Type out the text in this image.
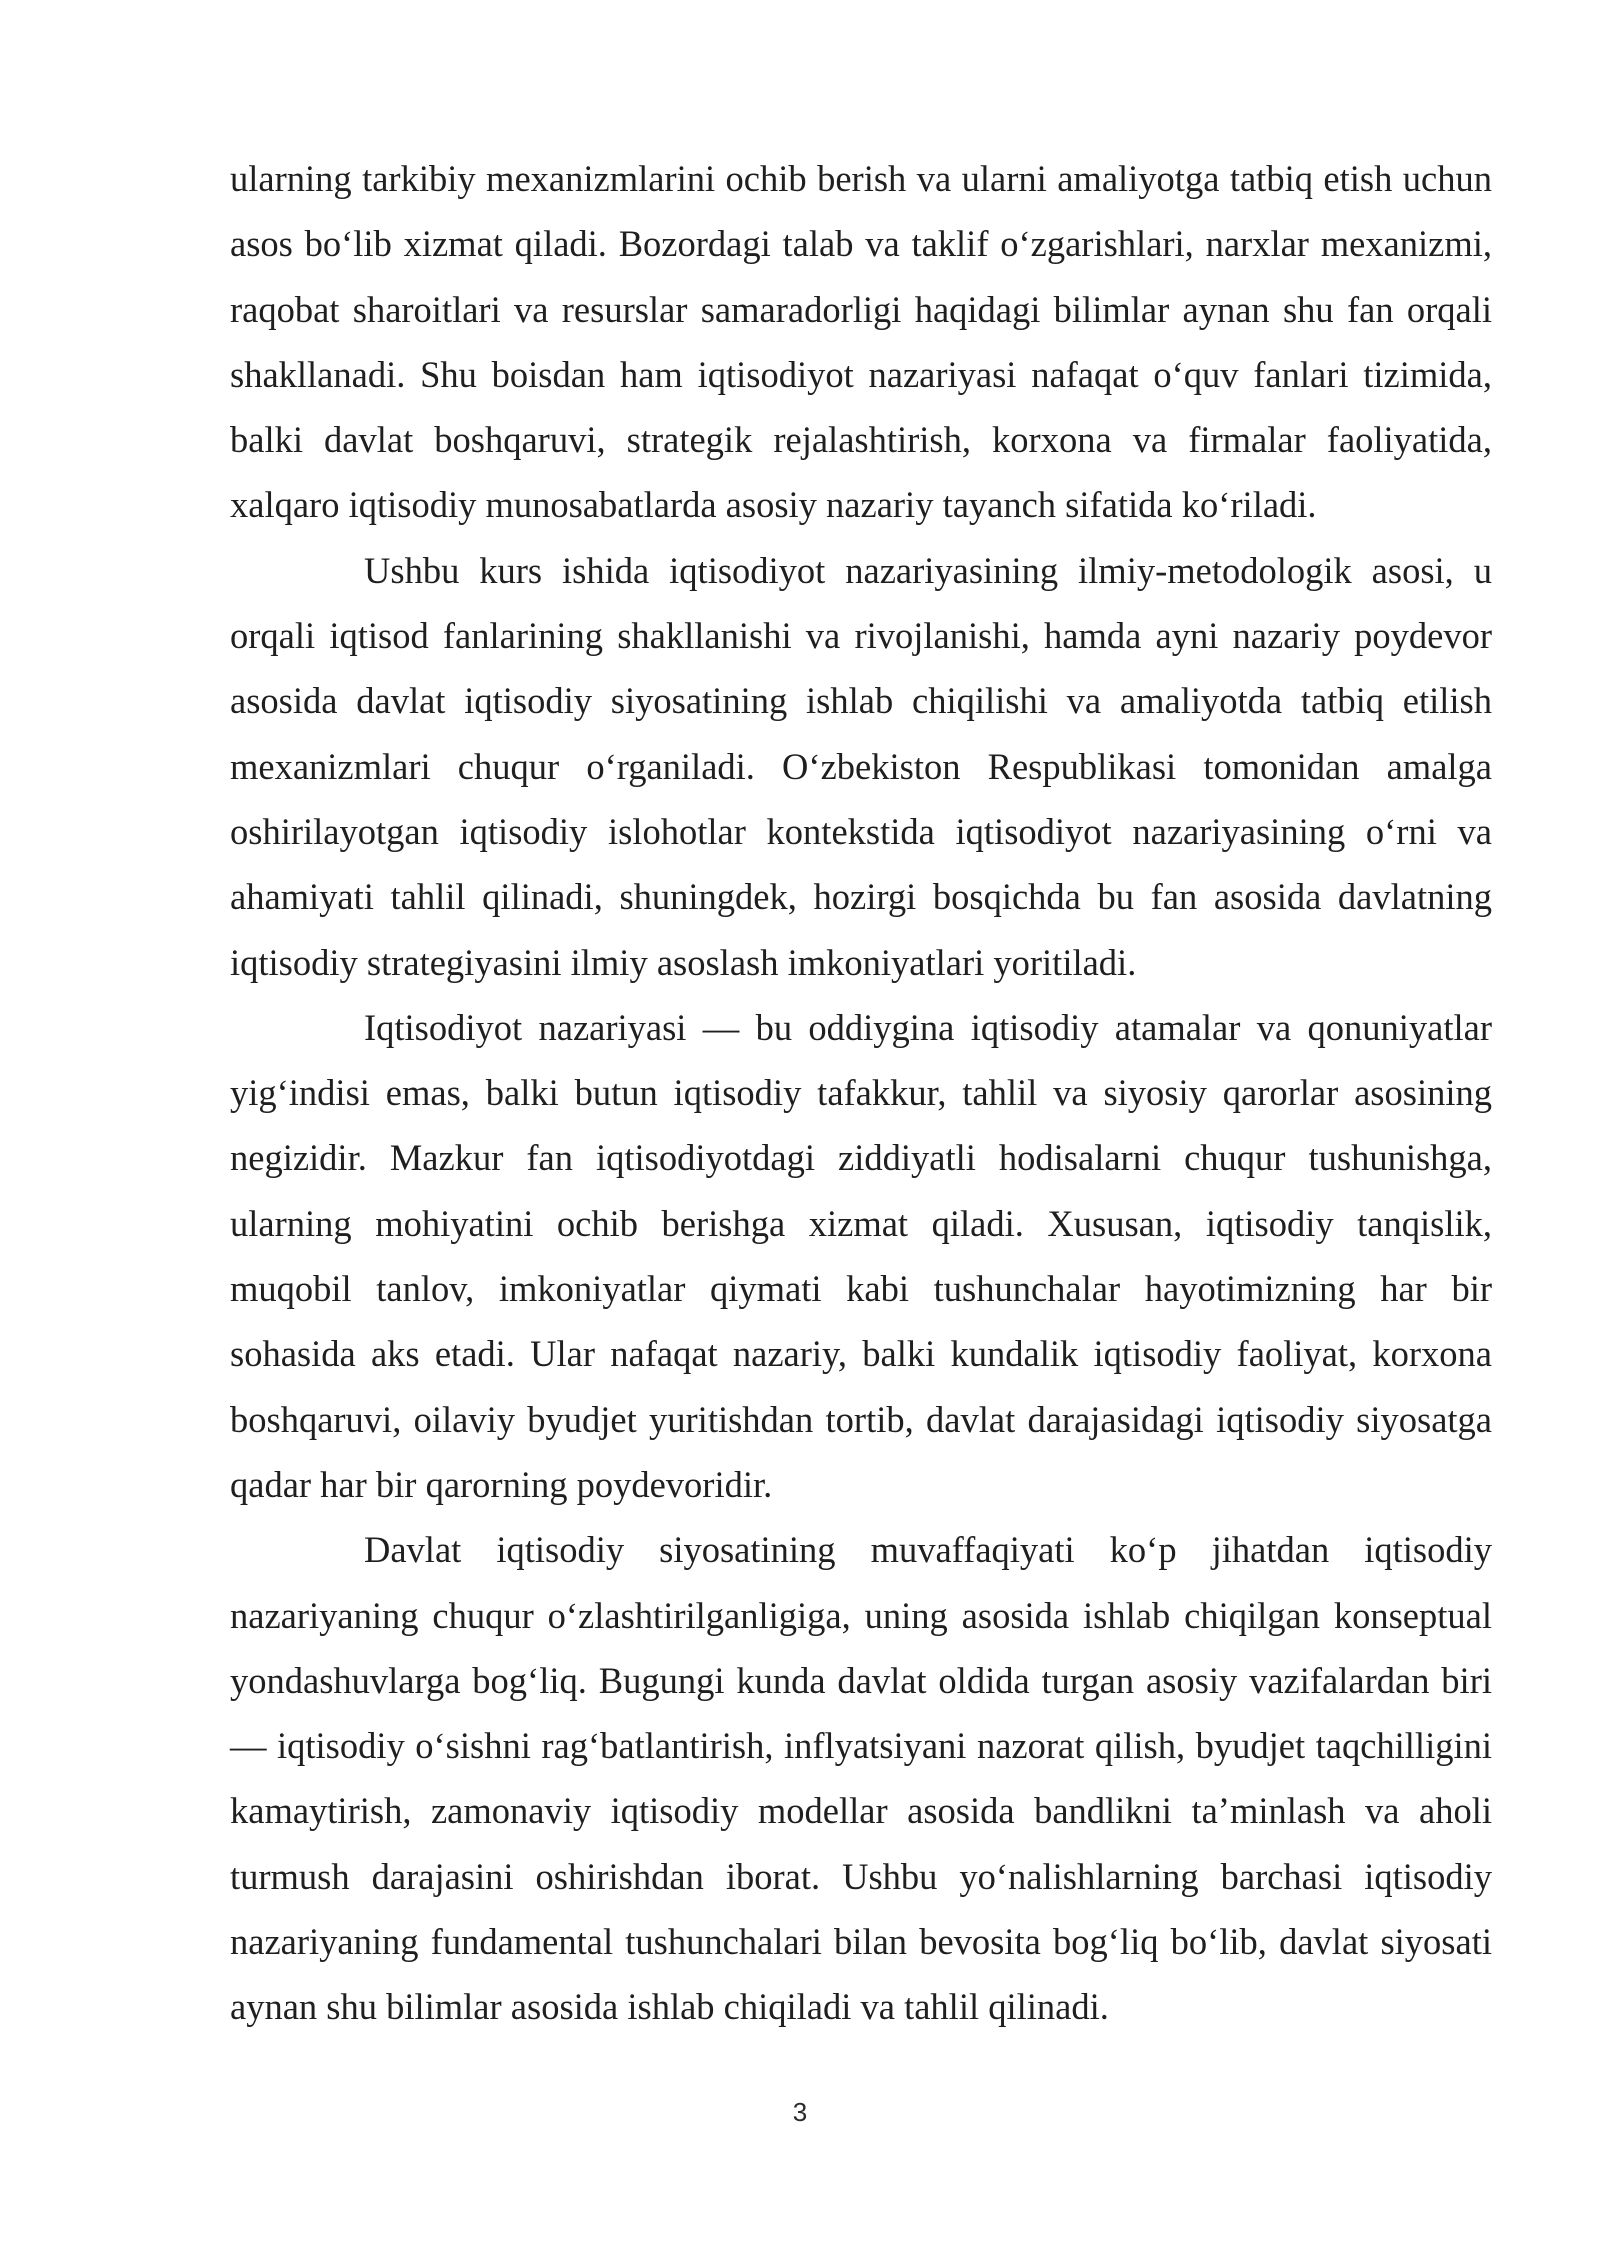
ularning tarkibiy mexanizmlarini ochib berish va ularni amaliyotga tatbiq etish uchun asos bo‘lib xizmat qiladi. Bozordagi talab va taklif o‘zgarishlari, narxlar mexanizmi, raqobat sharoitlari va resurslar samaradorligi haqidagi bilimlar aynan shu fan orqali shakllanadi. Shu boisdan ham iqtisodiyot nazariyasi nafaqat o‘quv fanlari tizimida, balki davlat boshqaruvi, strategik rejalashtirish, korxona va firmalar faoliyatida, xalqaro iqtisodiy munosabatlarda asosiy nazariy tayanch sifatida ko‘riladi.

Ushbu kurs ishida iqtisodiyot nazariyasining ilmiy-metodologik asosi, u orqali iqtisod fanlarining shakllanishi va rivojlanishi, hamda ayni nazariy poydevor asosida davlat iqtisodiy siyosatining ishlab chiqilishi va amaliyotda tatbiq etilish mexanizmlari chuqur o‘rganiladi. O‘zbekiston Respublikasi tomonidan amalga oshirilayotgan iqtisodiy islohotlar kontekstida iqtisodiyot nazariyasining o‘rni va ahamiyati tahlil qilinadi, shuningdek, hozirgi bosqichda bu fan asosida davlatning iqtisodiy strategiyasini ilmiy asoslash imkoniyatlari yoritiladi.

Iqtisodiyot nazariyasi — bu oddiygina iqtisodiy atamalar va qonuniyatlar yig‘indisi emas, balki butun iqtisodiy tafakkur, tahlil va siyosiy qarorlar asosining negizidir. Mazkur fan iqtisodiyotdagi ziddiyatli hodisalarni chuqur tushunishga, ularning mohiyatini ochib berishga xizmat qiladi. Xususan, iqtisodiy tanqislik, muqobil tanlov, imkoniyatlar qiymati kabi tushunchalar hayotimizning har bir sohasida aks etadi. Ular nafaqat nazariy, balki kundalik iqtisodiy faoliyat, korxona boshqaruvi, oilaviy byudjet yuritishdan tortib, davlat darajasidagi iqtisodiy siyosatga qadar har bir qarorning poydevoridir.

Davlat iqtisodiy siyosatining muvaffaqiyati ko‘p jihatdan iqtisodiy nazariyaning chuqur o‘zlashtirilganligiga, uning asosida ishlab chiqilgan konseptual yondashuvlarga bog‘liq. Bugungi kunda davlat oldida turgan asosiy vazifalardan biri — iqtisodiy o‘sishni rag‘batlantirish, inflyatsiyani nazorat qilish, byudjet taqchilligini kamaytirish, zamonaviy iqtisodiy modellar asosida bandlikni ta’minlash va aholi turmush darajasini oshirishdan iborat. Ushbu yo‘nalishlarning barchasi iqtisodiy nazariyaning fundamental tushunchalari bilan bevosita bog‘liq bo‘lib, davlat siyosati aynan shu bilimlar asosida ishlab chiqiladi va tahlil qilinadi.

3
